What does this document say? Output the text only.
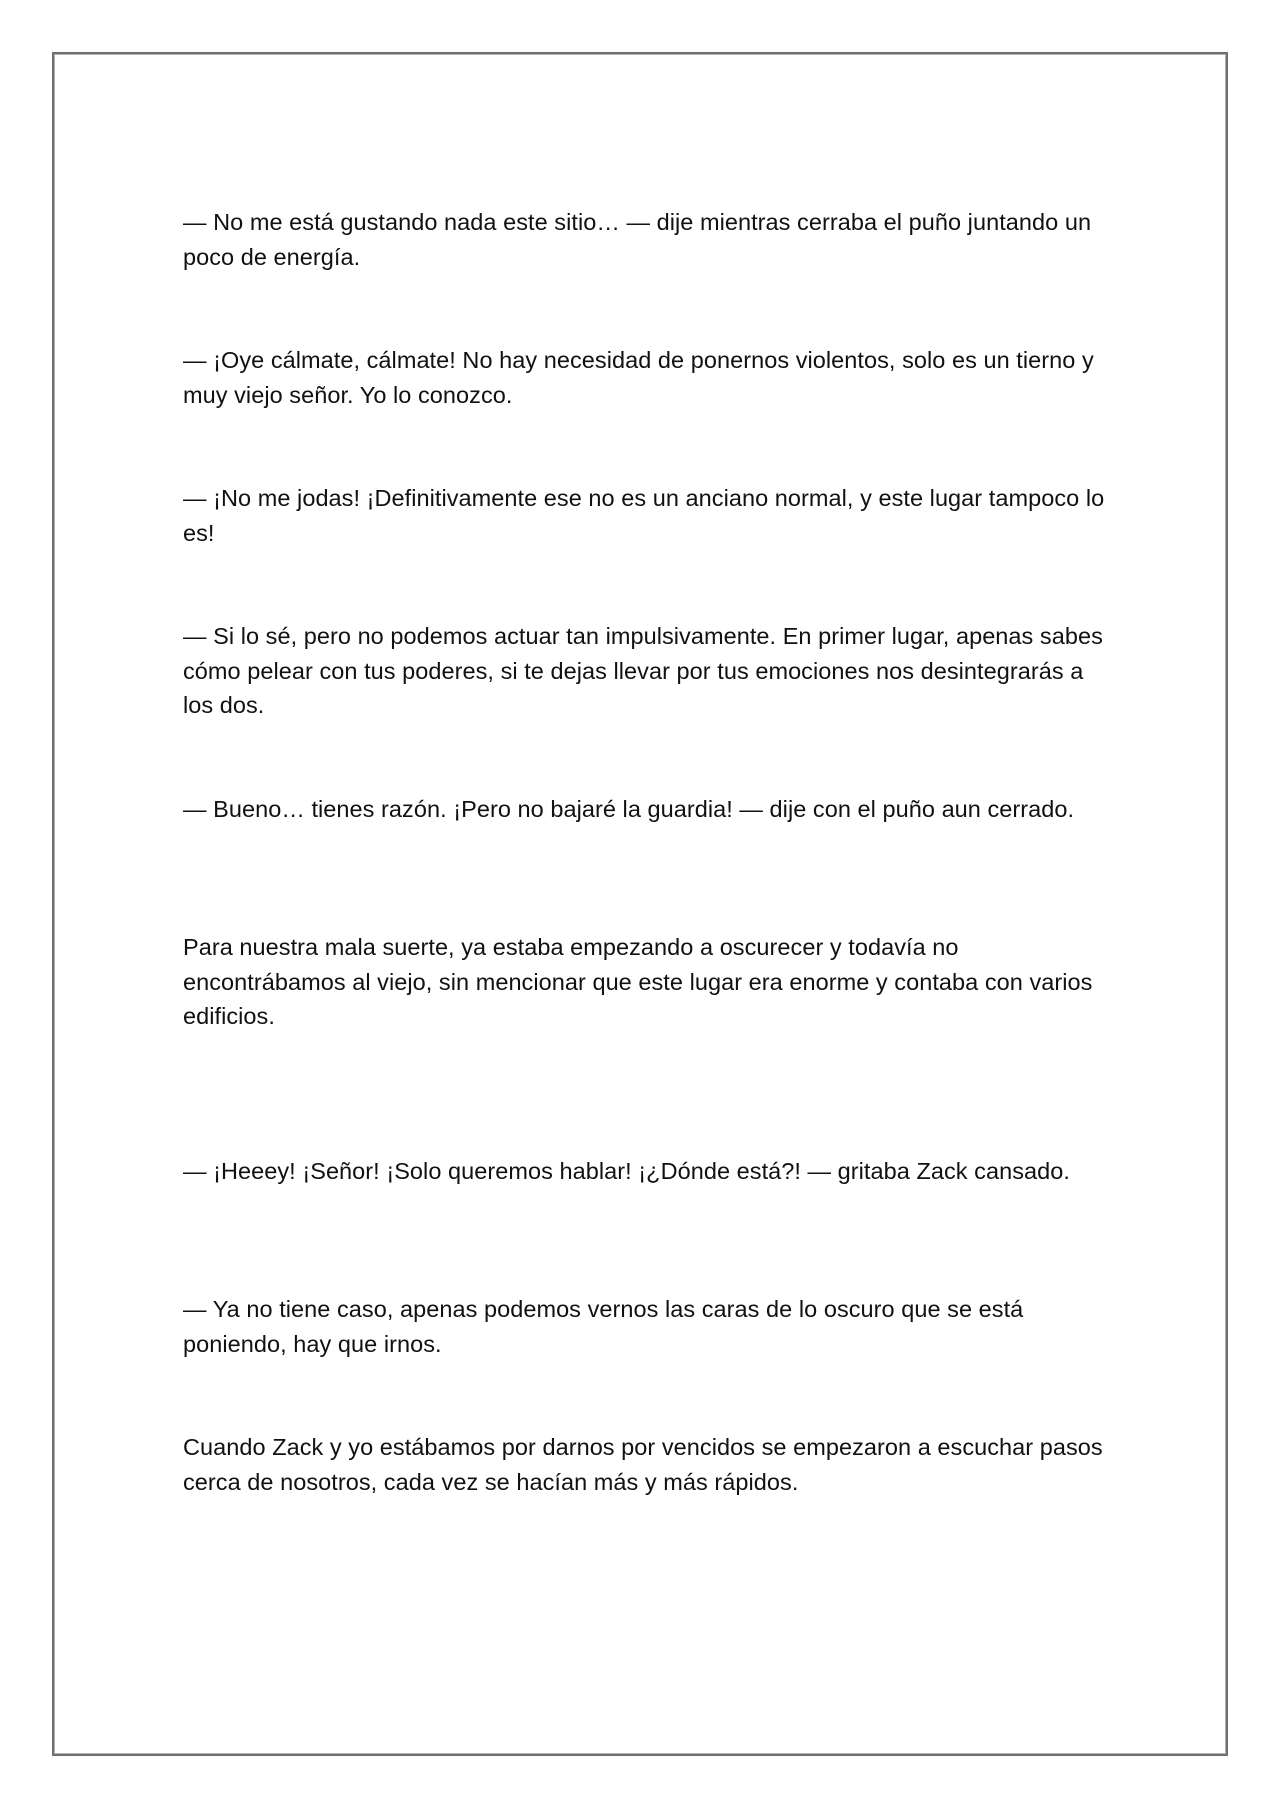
— No me está gustando nada este sitio… — dije mientras cerraba el puño juntando un poco de energía.

— ¡Oye cálmate, cálmate! No hay necesidad de ponernos violentos, solo es un tierno y muy viejo señor. Yo lo conozco.

— ¡No me jodas! ¡Definitivamente ese no es un anciano normal, y este lugar tampoco lo es!

— Si lo sé, pero no podemos actuar tan impulsivamente. En primer lugar, apenas sabes cómo pelear con tus poderes, si te dejas llevar por tus emociones nos desintegrarás a los dos.

— Bueno… tienes razón. ¡Pero no bajaré la guardia! — dije con el puño aun cerrado.

Para nuestra mala suerte, ya estaba empezando a oscurecer y todavía no encontrábamos al viejo, sin mencionar que este lugar era enorme y contaba con varios edificios.

— ¡Heeey! ¡Señor! ¡Solo queremos hablar! ¡¿Dónde está?! — gritaba Zack cansado.

— Ya no tiene caso, apenas podemos vernos las caras de lo oscuro que se está poniendo, hay que irnos.

Cuando Zack y yo estábamos por darnos por vencidos se empezaron a escuchar pasos cerca de nosotros, cada vez se hacían más y más rápidos.
